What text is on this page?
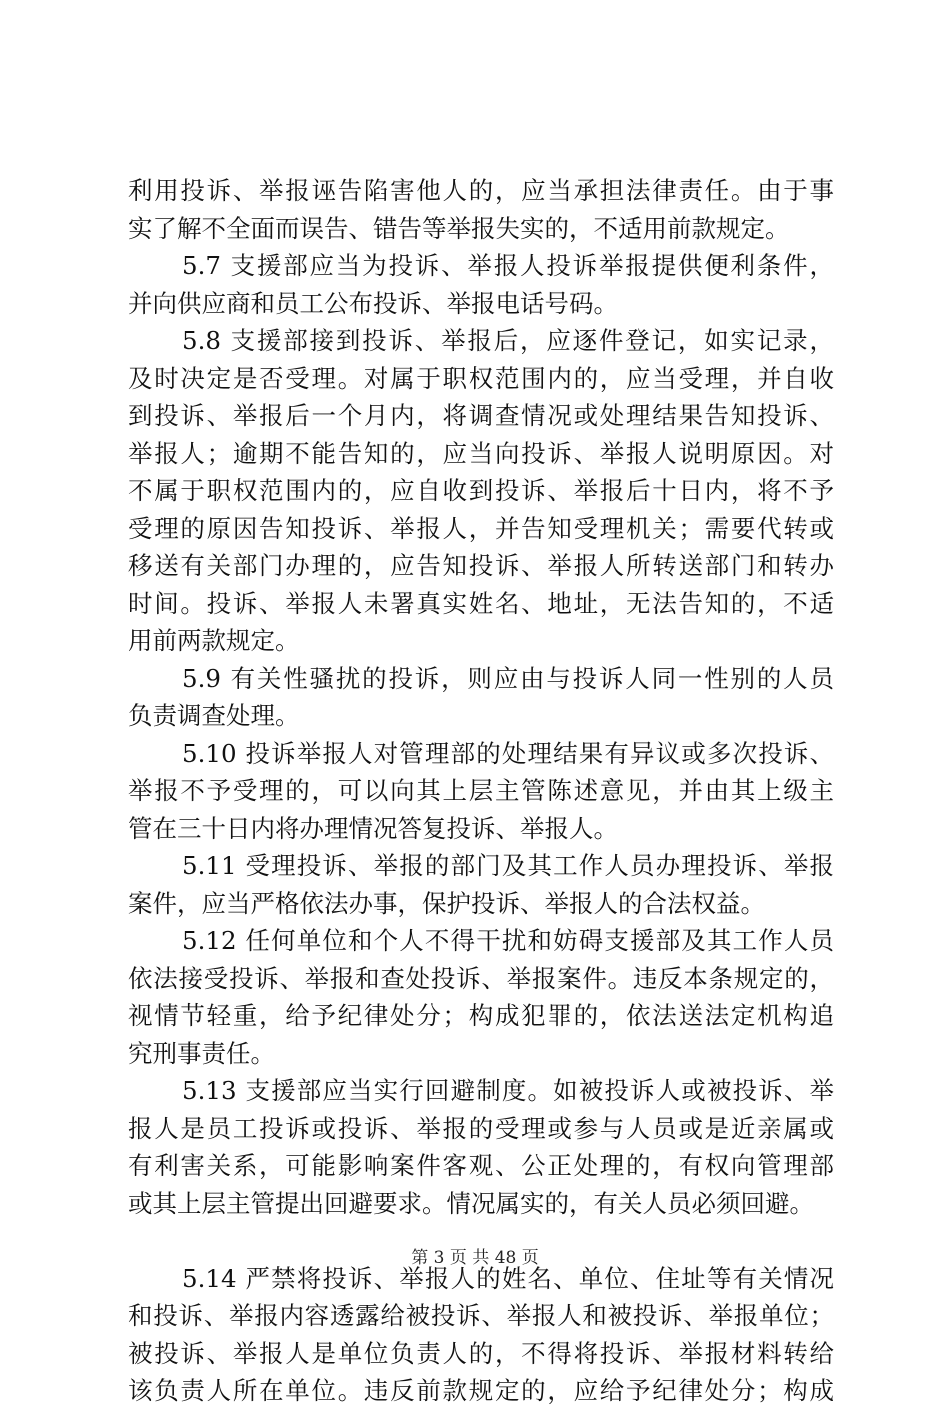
利用投诉、举报诬告陷害他人的，应当承担法律责任。由于事
实了解不全面而误告、错告等举报失实的，不适用前款规定。
5.7 支援部应当为投诉、举报人投诉举报提供便利条件，
并向供应商和员工公布投诉、举报电话号码。
5.8 支援部接到投诉、举报后，应逐件登记，如实记录，
及时决定是否受理。对属于职权范围内的，应当受理，并自收
到投诉、举报后一个月内，将调查情况或处理结果告知投诉、
举报人；逾期不能告知的，应当向投诉、举报人说明原因。对
不属于职权范围内的，应自收到投诉、举报后十日内，将不予
受理的原因告知投诉、举报人，并告知受理机关；需要代转或
移送有关部门办理的，应告知投诉、举报人所转送部门和转办
时间。投诉、举报人未署真实姓名、地址，无法告知的，不适
用前两款规定。
5.9 有关性骚扰的投诉，则应由与投诉人同一性别的人员
负责调查处理。
5.10 投诉举报人对管理部的处理结果有异议或多次投诉、
举报不予受理的，可以向其上层主管陈述意见，并由其上级主
管在三十日内将办理情况答复投诉、举报人。
5.11 受理投诉、举报的部门及其工作人员办理投诉、举报
案件，应当严格依法办事，保护投诉、举报人的合法权益。
5.12 任何单位和个人不得干扰和妨碍支援部及其工作人员
依法接受投诉、举报和查处投诉、举报案件。违反本条规定的，
视情节轻重，给予纪律处分；构成犯罪的，依法送法定机构追
究刑事责任。
5.13 支援部应当实行回避制度。如被投诉人或被投诉、举
报人是员工投诉或投诉、举报的受理或参与人员或是近亲属或
有利害关系，可能影响案件客观、公正处理的，有权向管理部
或其上层主管提出回避要求。情况属实的，有关人员必须回避。
5.14 严禁将投诉、举报人的姓名、单位、住址等有关情况
和投诉、举报内容透露给被投诉、举报人和被投诉、举报单位；
被投诉、举报人是单位负责人的，不得将投诉、举报材料转给
该负责人所在单位。违反前款规定的，应给予纪律处分；构成
第 3 页 共 48 页
